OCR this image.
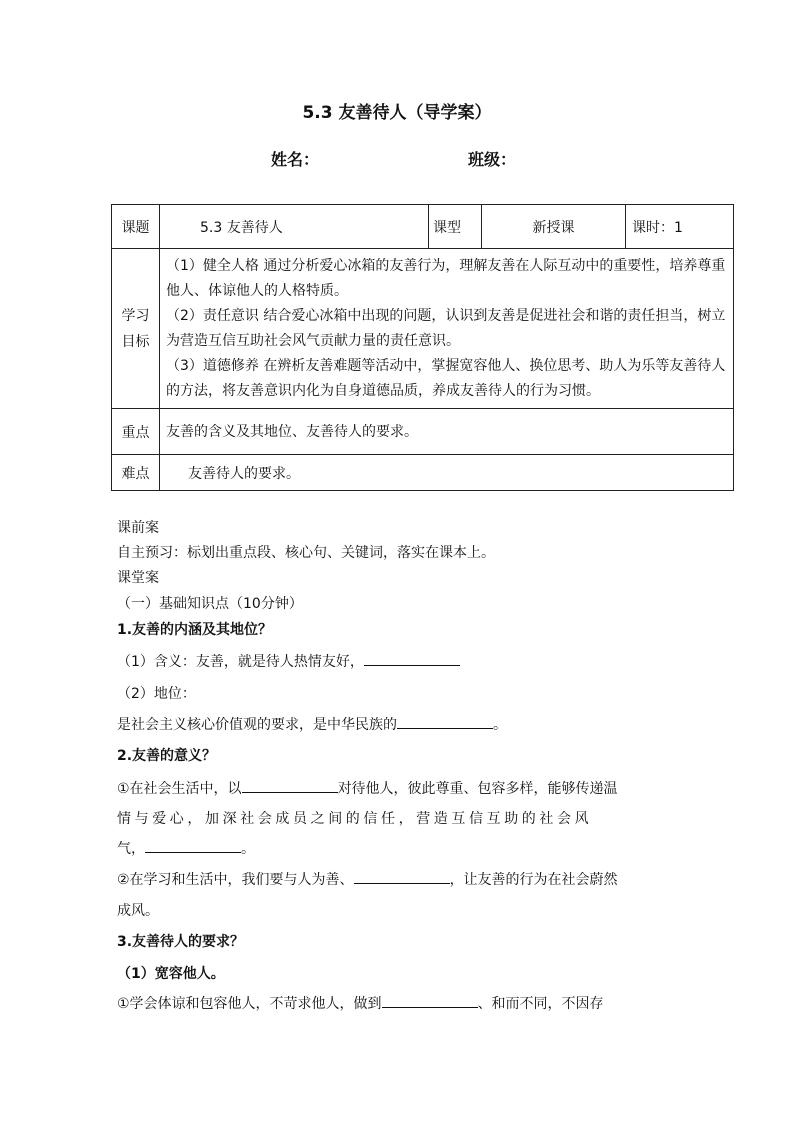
5.3 友善待人（导学案）
姓名：	班级：
课题	5.3 友善待人	课型	新授课	课时：1
学习目标	（1）健全人格 通过分析爱心冰箱的友善行为，理解友善在人际互动中的重要性，培养尊重他人、体谅他人的人格特质。

（2）责任意识 结合爱心冰箱中出现的问题，认识到友善是促进社会和谐的责任担当，树立为营造互信互助社会风气贡献力量的责任意识。

（3）道德修养 在辨析友善难题等活动中，掌握宽容他人、换位思考、助人为乐等友善待人的方法，将友善意识内化为自身道德品质，养成友善待人的行为习惯。			

重点	友善的含义及其地位、友善待人的要求。			
难点	友善待人的要求。			
课前案
自主预习：标划出重点段、核心句、关键词，落实在课本上。
课堂案
（一）基础知识点（10分钟）
1.友善的内涵及其地位？
（1）含义：友善，就是待人热情友好，
（2）地位：
是社会主义核心价值观的要求，是中华民族的	。
2.友善的意义？
①在社会生活中，以	对待他人，彼此尊重、包容多样，能够传递温
情与爱心，加深社会成员之间的信任，营造互信互助的社会风
气，	。
②在学习和生活中，我们要与人为善、	，让友善的行为在社会蔚然
成风。
3.友善待人的要求？
（1）宽容他人。
①学会体谅和包容他人，不苛求他人，做到	、和而不同，不因存
